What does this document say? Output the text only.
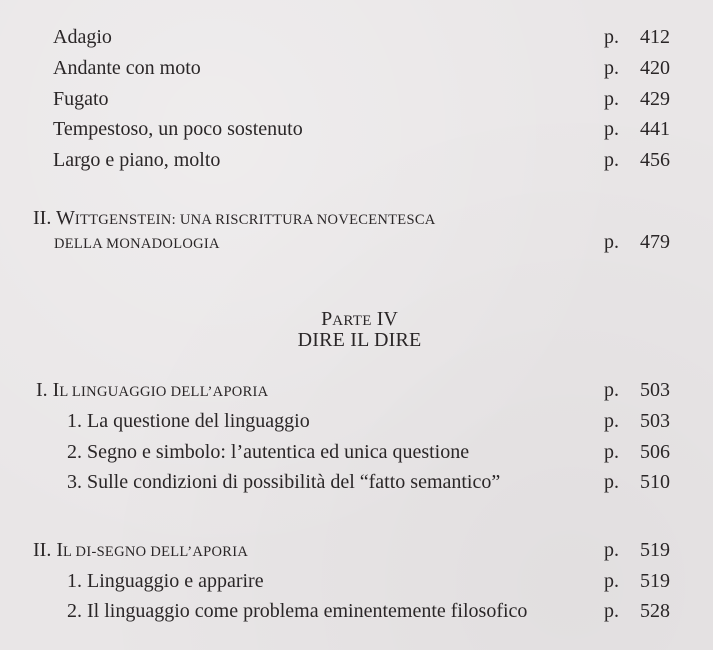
Adagio	p. 412
Andante con moto	p. 420
Fugato	p. 429
Tempestoso, un poco sostenuto	p. 441
Largo e piano, molto	p. 456
II. WITTGENSTEIN: UNA RISCRITTURA NOVECENTESCA
DELLA MONADOLOGIA	p. 479
PARTE IV
DIRE IL DIRE
I. IL LINGUAGGIO DELL’APORIA	p. 503
1. La questione del linguaggio	p. 503
2. Segno e simbolo: l’autentica ed unica questione	p. 506
3. Sulle condizioni di possibilità del “fatto semantico”	p. 510
II. IL DI-SEGNO DELL’APORIA	p. 519
1. Linguaggio e apparire	p. 519
2. Il linguaggio come problema eminentemente filosofico	p. 528
